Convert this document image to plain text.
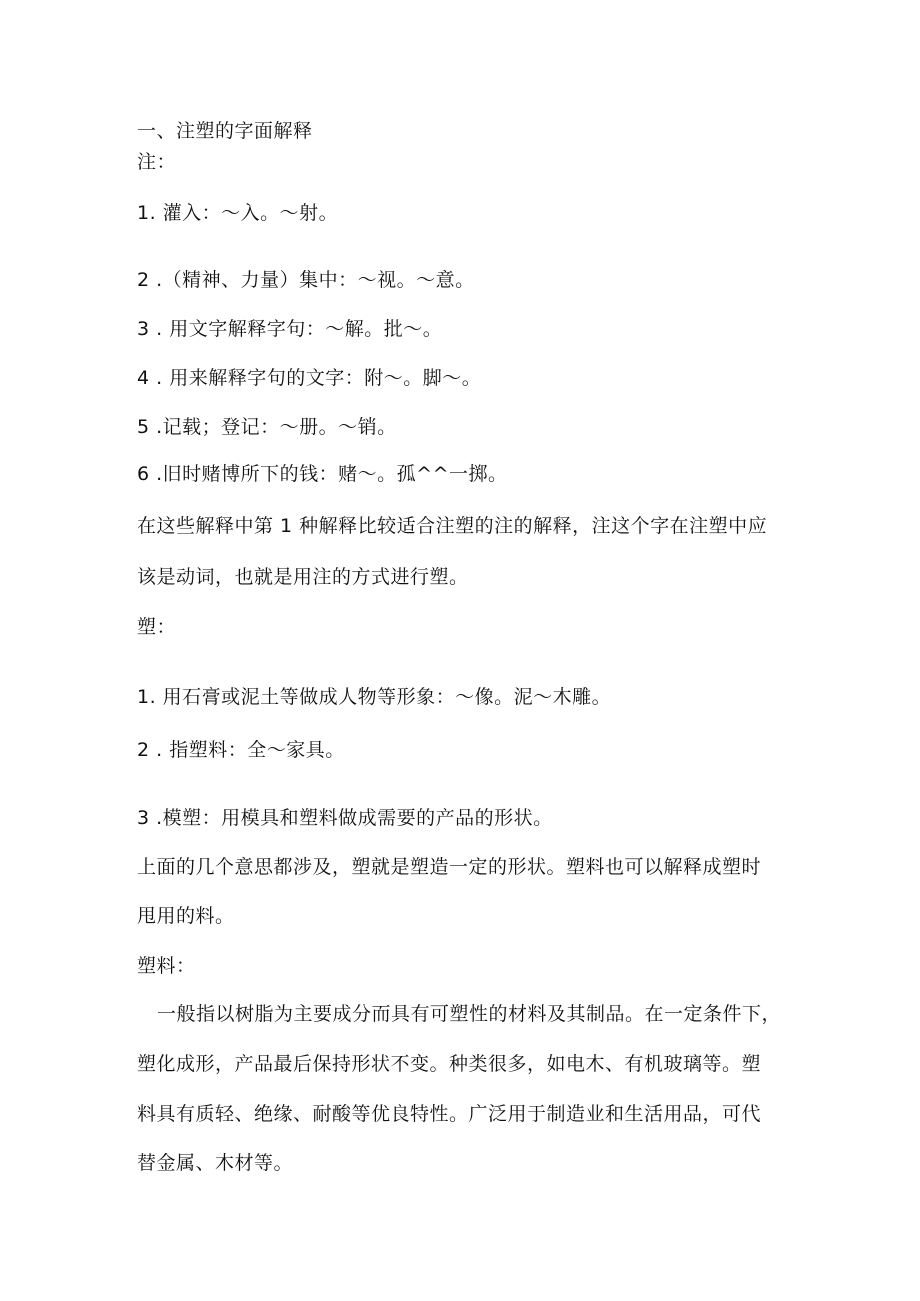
一、注塑的字面解释
注：
1. 灌入：～入。～射。
2 .（精神、力量）集中：～视。～意。
3 . 用文字解释字句：～解。批～。
4 . 用来解释字句的文字：附～。脚～。
5 .记载；登记：～册。～销。
6 .旧时赌博所下的钱：赌～。孤^^一掷。
在这些解释中第 1 种解释比较适合注塑的注的解释，注这个字在注塑中应
该是动词，也就是用注的方式进行塑。
塑：
1. 用石膏或泥土等做成人物等形象：～像。泥～木雕。
2 . 指塑料：全～家具。
3 .模塑：用模具和塑料做成需要的产品的形状。
上面的几个意思都涉及，塑就是塑造一定的形状。塑料也可以解释成塑时
甩用的料。
塑料：
一般指以树脂为主要成分而具有可塑性的材料及其制品。在一定条件下，
塑化成形，产品最后保持形状不变。种类很多，如电木、有机玻璃等。塑
料具有质轻、绝缘、耐酸等优良特性。广泛用于制造业和生活用品，可代
替金属、木材等。
